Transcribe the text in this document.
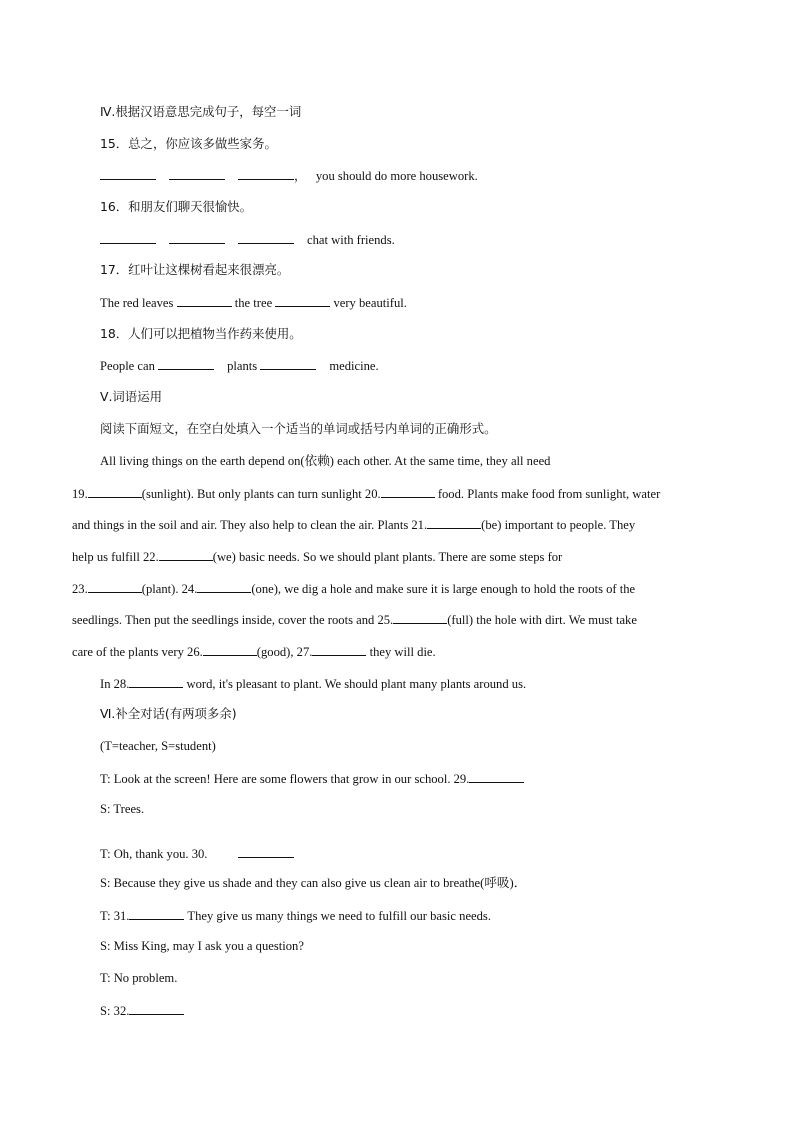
Ⅳ.根据汉语意思完成句子，每空一词
15．总之，你应该多做些家务。
， you should do more housework.
16．和朋友们聊天很愉快。
chat with friends.
17．红叶让这棵树看起来很漂亮。
The red leaves	the tree	very beautiful.
18．人们可以把植物当作药来使用。
People can	plants	medicine.
Ⅴ.词语运用
阅读下面短文，在空白处填入一个适当的单词或括号内单词的正确形式。
All living things on the earth depend on(依赖) each other. At the same time, they all need
19.	(sunlight). But only plants can turn sunlight 20.	food. Plants make food from sunlight, water
and things in the soil and air. They also help to clean the air. Plants 21.	(be) important to people. They
help us fulfill 22.	(we) basic needs. So we should plant plants. There are some steps for
23.	(plant). 24.	(one), we dig a hole and make sure it is large enough to hold the roots of the
seedlings. Then put the seedlings inside, cover the roots and 25.	(full) the hole with dirt. We must take
care of the plants very 26.	(good), 27.	they will die.
In 28.	word, it's pleasant to plant. We should plant many plants around us.
Ⅵ.补全对话(有两项多余)
(T=teacher, S=student)
T: Look at the screen! Here are some flowers that grow in our school. 29.
S: Trees.
T: Oh, thank you. 30.
S: Because they give us shade and they can also give us clean air to breathe(呼吸)．
T: 31.	They give us many things we need to fulfill our basic needs.
S: Miss King, may I ask you a question?
T: No problem.
S: 32.
